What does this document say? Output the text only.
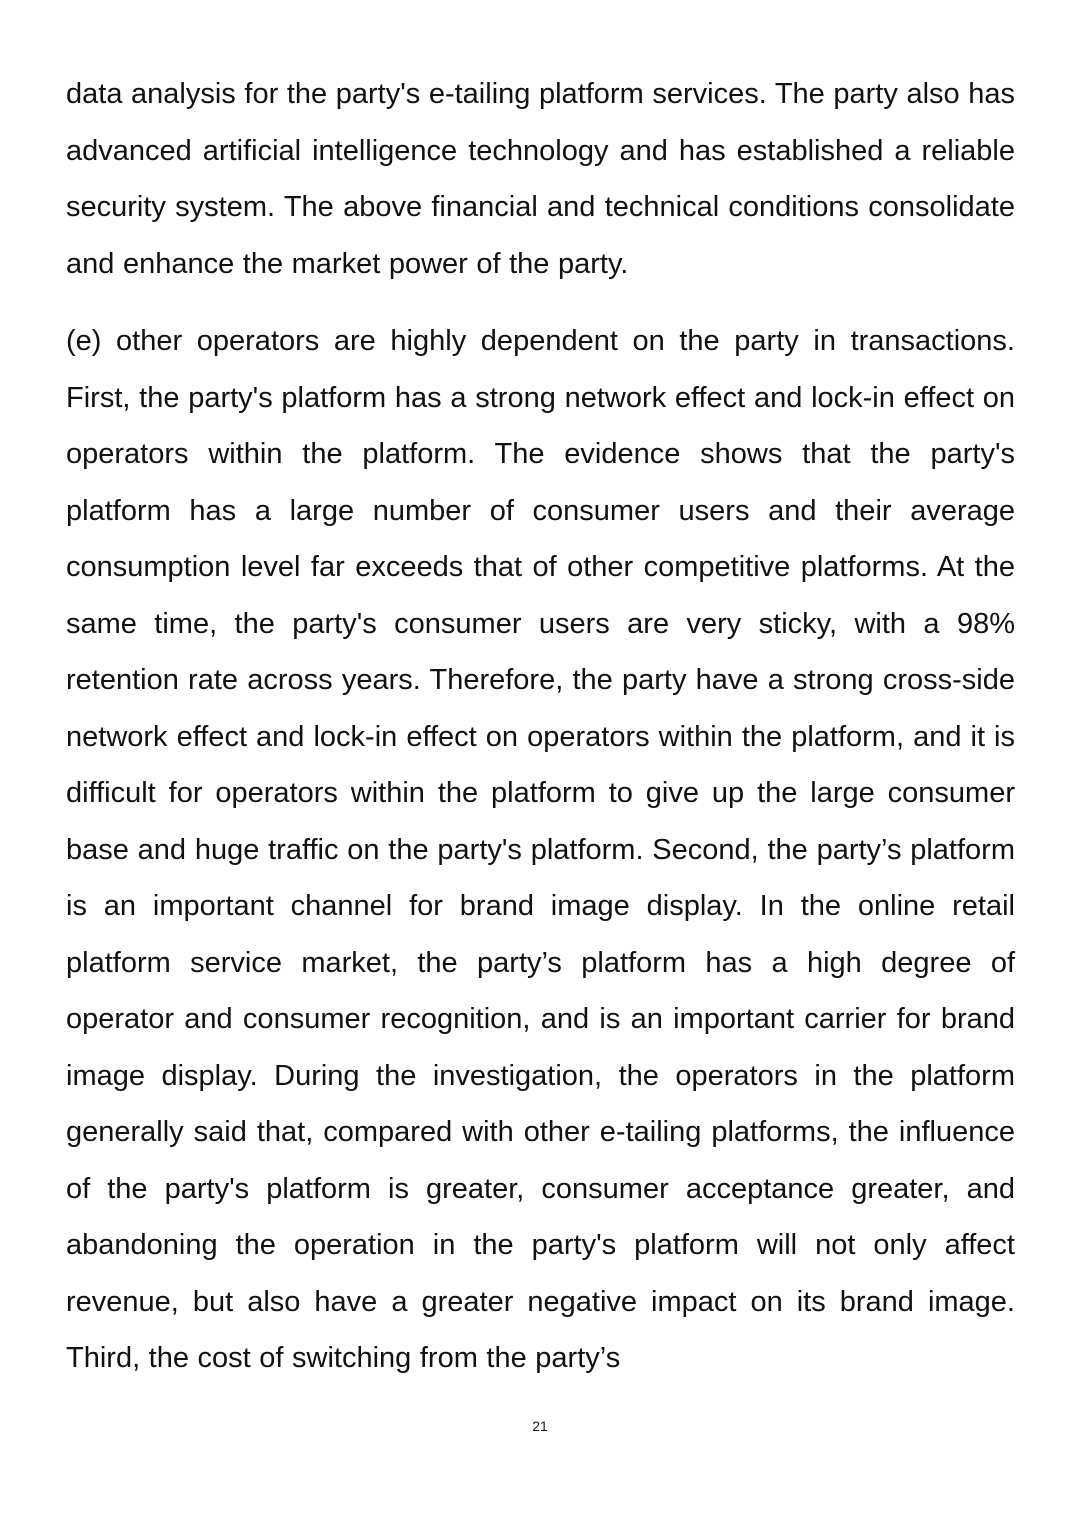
data analysis for the party's e-tailing platform services. The party also has advanced artificial intelligence technology and has established a reliable security system. The above financial and technical conditions consolidate and enhance the market power of the party.

(e) other operators are highly dependent on the party in transactions. First, the party's platform has a strong network effect and lock-in effect on operators within the platform. The evidence shows that the party's platform has a large number of consumer users and their average consumption level far exceeds that of other competitive platforms. At the same time, the party's consumer users are very sticky, with a 98% retention rate across years. Therefore, the party have a strong cross-side network effect and lock-in effect on operators within the platform, and it is difficult for operators within the platform to give up the large consumer base and huge traffic on the party's platform. Second, the party’s platform is an important channel for brand image display. In the online retail platform service market, the party’s platform has a high degree of operator and consumer recognition, and is an important carrier for brand image display. During the investigation, the operators in the platform generally said that, compared with other e-tailing platforms, the influence of the party's platform is greater, consumer acceptance greater, and abandoning the operation in the party's platform will not only affect revenue, but also have a greater negative impact on its brand image. Third, the cost of switching from the party’s

21
